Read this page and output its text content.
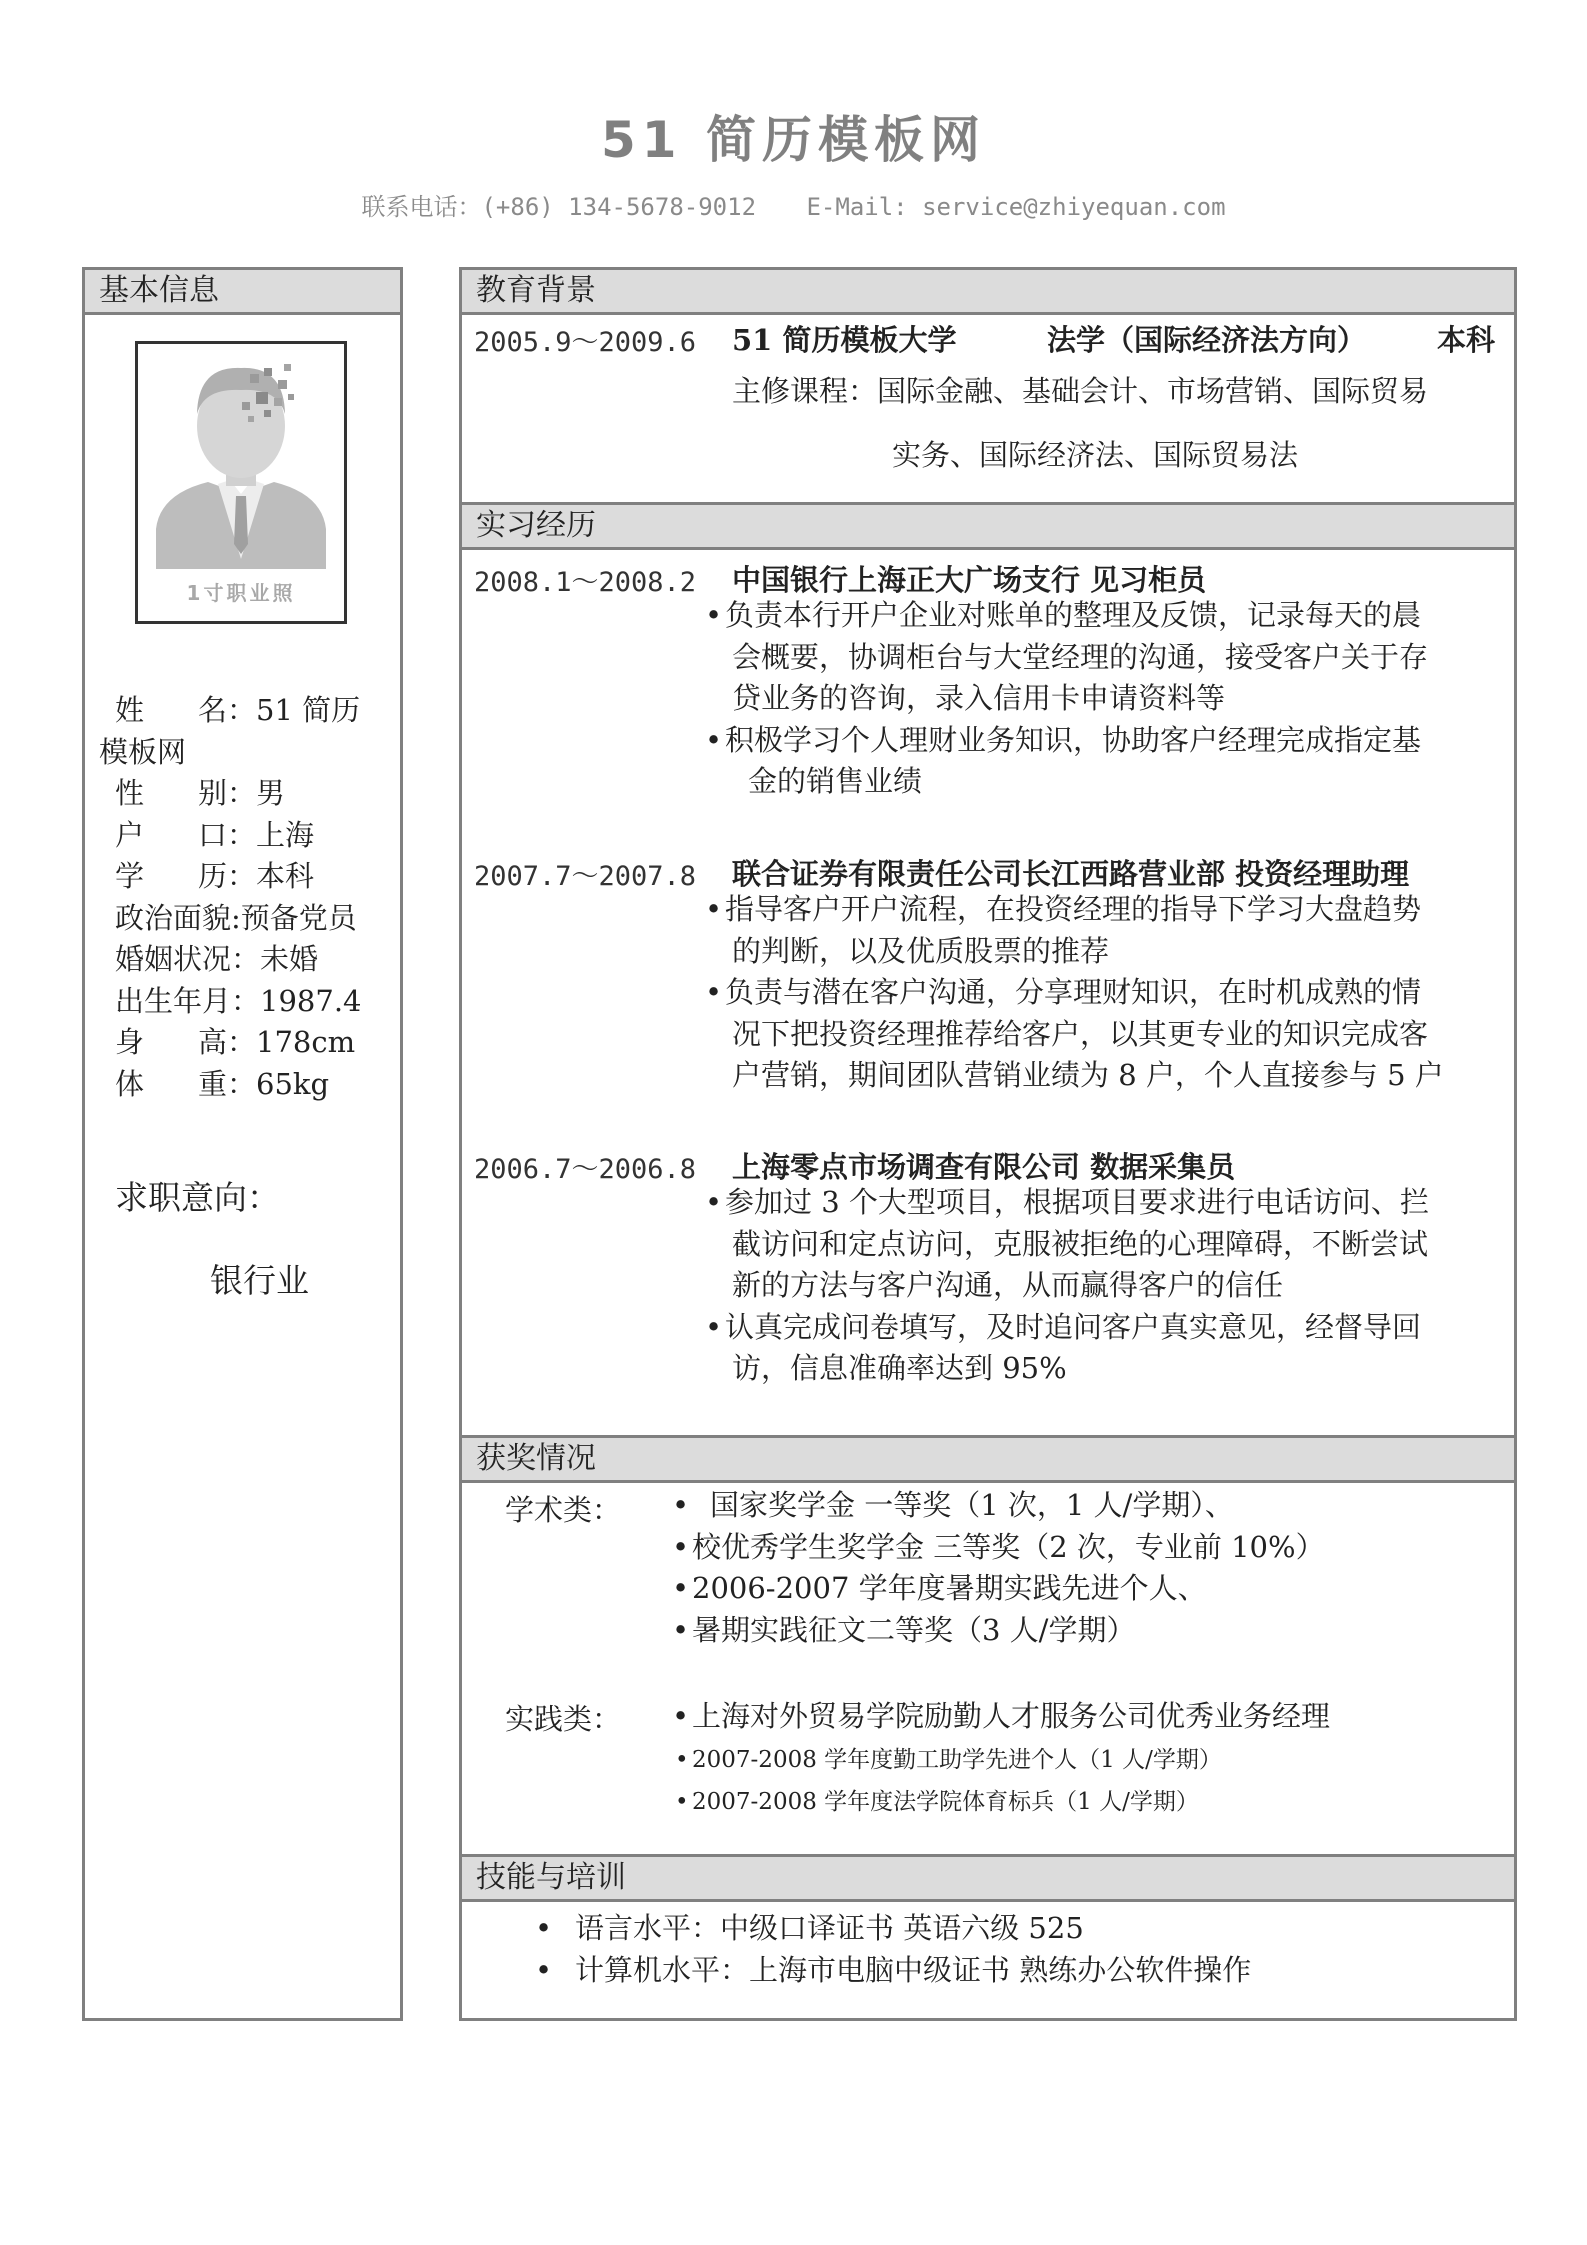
51 简历模板网
联系电话：(+86) 134-5678-9012 E-Mail: service@zhiyequan.com
基本信息
1寸职业照
姓 名：51 简历
模板网
性 别：男
户 口：上海
学 历：本科
政治面貌:预备党员
婚姻状况：未婚
出生年月：1987.4
身 高：178cm
体 重：65kg
求职意向：
银行业
教育背景
2005.9～2009.6 51 简历模板大学	法学（国际经济法方向） 本科
主修课程：国际金融、基础会计、市场营销、国际贸易
实务、国际经济法、国际贸易法
实习经历
2008.1～2008.2 中国银行上海正大广场支行 见习柜员
•负责本行开户企业对账单的整理及反馈，记录每天的晨
会概要，协调柜台与大堂经理的沟通，接受客户关于存
贷业务的咨询，录入信用卡申请资料等
•积极学习个人理财业务知识，协助客户经理完成指定基
金的销售业绩
2007.7～2007.8 联合证券有限责任公司长江西路营业部 投资经理助理
•指导客户开户流程，在投资经理的指导下学习大盘趋势
的判断，以及优质股票的推荐
•负责与潜在客户沟通，分享理财知识，在时机成熟的情
况下把投资经理推荐给客户，以其更专业的知识完成客
户营销，期间团队营销业绩为 8 户，个人直接参与 5 户
2006.7～2006.8 上海零点市场调查有限公司 数据采集员
•参加过 3 个大型项目，根据项目要求进行电话访问、拦
截访问和定点访问，克服被拒绝的心理障碍，不断尝试
新的方法与客户沟通，从而赢得客户的信任
•认真完成问卷填写，及时追问客户真实意见，经督导回
访，信息准确率达到 95%
获奖情况
学术类： • 国家奖学金 一等奖（1 次，1 人/学期）、
•校优秀学生奖学金 三等奖（2 次，专业前 10%）
•2006-2007 学年度暑期实践先进个人、
•暑期实践征文二等奖（3 人/学期）
实践类： •上海对外贸易学院励勤人才服务公司优秀业务经理
• 2007-2008 学年度勤工助学先进个人（1 人/学期）
• 2007-2008 学年度法学院体育标兵（1 人/学期）
技能与培训
• 语言水平：中级口译证书 英语六级 525
• 计算机水平：上海市电脑中级证书 熟练办公软件操作
